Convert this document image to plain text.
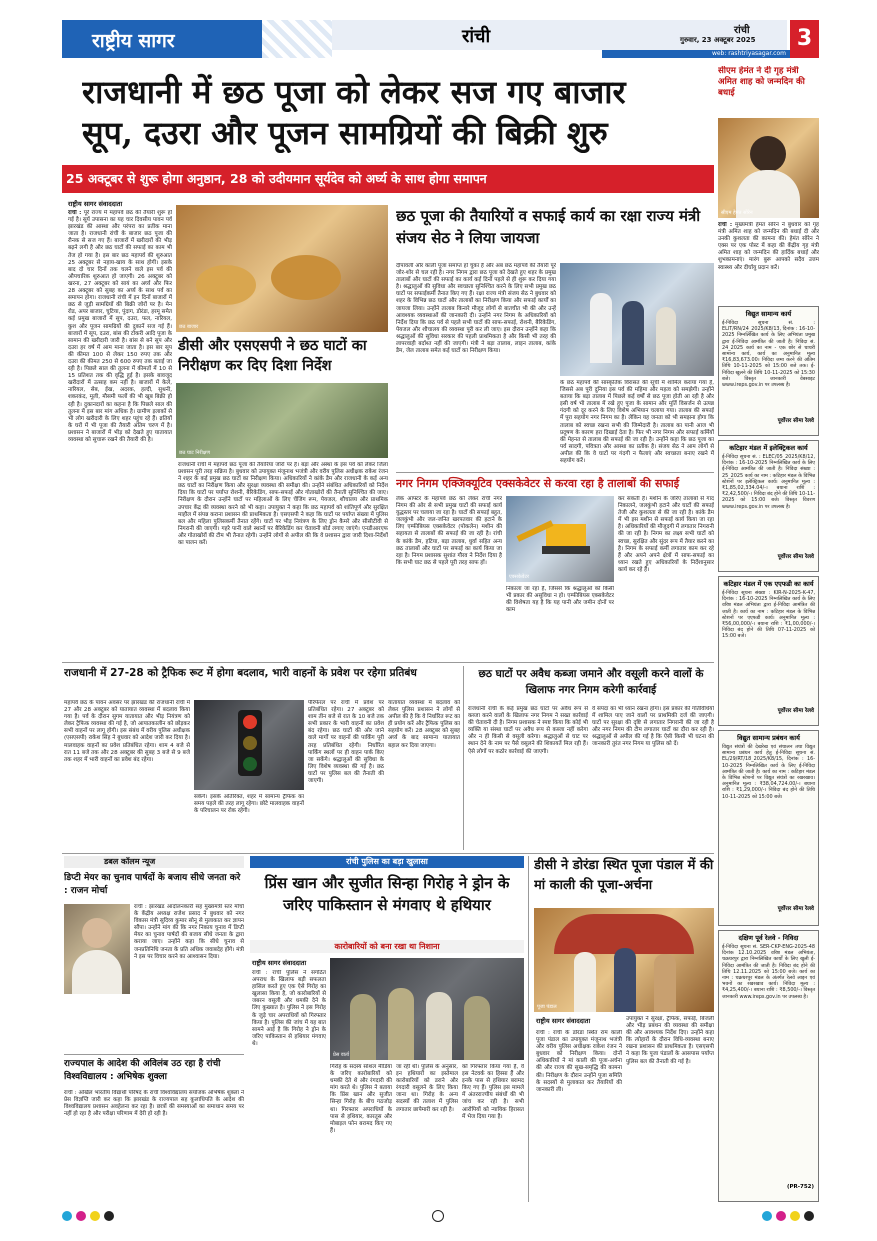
राष्ट्रीय सागर	रांची	रांची
गुरुवार, 23 अक्टूबर 2025
web: rashtriyasagar.com
3
राजधानी में छठ पूजा को लेकर सज गए बाजार
सूप, दउरा और पूजन सामग्रियों की बिक्री शुरु
25 अक्टूबर से शुरू होगा अनुष्ठान, 28 को उदीयमान सूर्यदेव को अर्घ्य के साथ होगा समापन
सीएम हेमंत ने दी गृह मंत्री अमित शाह को जन्मदिन की बधाई
सीएम हेमंत सोरेन
रांची : मुख्यमंत्री हेमंत सोरेन ने बुधवार को गृह मंत्री अमित शाह को जन्मदिन की बधाई दी और उनकी कुशलता की कामना की। हेमंत सोरेन ने एक्स पर एक पोस्ट में कहा की केंद्रीय गृह मंत्री अमित शाह को जन्मदिन की हार्दिक बधाई और शुभकामनाएं। मारंग बुरू आपको सदैव उत्तम स्वास्थ्य और दीर्घायु प्रदान करें।
राष्ट्रीय सागर संवाददाता
रांची : पूरे राज्य में महापर्व छठ की तैयारी शुरू हो गई है। सूर्य उपासना का यह चार दिवसीय पावन पर्व झारखंड की आस्था और परंपरा का प्रतीक माना जाता है। राजधानी रांची के बाजार छठ पूजा की रौनक से सज गए हैं। बाजारों में खरीदारों की भीड़ बढ़ने लगी है और छठ घाटों की सफाई का काम भी तेज हो गया है। इस बार छठ महापर्व की शुरुआत 25 अक्टूबर से नहाय-खाय के साथ होगी। इसके बाद दो चार दिनों तक चलने वाले इस पर्व की औपचारिक शुरुआत हो जाएगी। 26 अक्टूबर को खरना, 27 अक्टूबर को सायं का अर्घ्य और फिर 28 अक्टूबर को सुबह का अर्घ्य के साथ पर्व का समापन होगा। राजधानी रांची में इन दिनों बाजारों में छठ से जुड़ी सामग्रियों की बिक्री जोरों पर है। मेन रोड, अपर बाजार, चुटिया, पुंदाग, डोरंडा, हरमू समेत कई प्रमुख बाजारों में सूप, दउरा, फल, नारियल, कुश और पूजन सामग्रियों की दुकानें सज गई हैं। बाजारों में सूप, दउरा, बांस की टोकरी आदि पूजा के सामान की खरीदारी जारी है। बांस से बने सूप और दउरा हर वर्ष में आम माना जाता है। इस बार सूप की कीमत 100 से लेकर 150 रुपए तक और दउरा की कीमत 250 से 600 रुपए तक बताई जा रही है। पिछले साल की तुलना में कीमतों में 10 से 15 प्रतिशत तक की वृद्धि हुई है। इसके बावजूद खरीदारों में उत्साह कम नहीं है। बाजारों में केले, नारियल, सेब, ईख, अदरक, हल्दी, सुथनी, शकरकंद, मूली, मौसमी फलों की भी खूब बिक्री हो रही है। दुकानदारों का कहना है कि पिछले साल की तुलना में इस बार मांग अधिक है। ग्रामीण इलाकों से भी लोग खरीदारी के लिए शहर पहुंच रहे हैं। व्रतियों के घरों में भी पूजा की तैयारी अंतिम चरण में है। प्रशासन ने बाजारों में भीड़ को देखते हुए यातायात व्यवस्था को सुचारू रखने की तैयारी की है।
छठ बाजार
डीसी और एसएसपी ने छठ घाटों का निरीक्षण कर दिए दिशा निर्देश
छठ घाट निरीक्षण
राजधानी रांची में महापर्व छठ पूजा की तैयारियां जोरों पर हैं। बड़ा और अस्था के इस पर्व को लेकर जिला प्रशासन पूरी तरह सक्रिय है। बुधवार को उपायुक्त मंजूनाथ भजंत्री और वरीय पुलिस अधीक्षक राकेश रंजन ने शहर के कई प्रमुख छठ घाटों का निरीक्षण किया। अधिकारियों ने कांके डैम और राजधानी के कई अन्य छठ घाटों का निरीक्षण किया और सुरक्षा व्यवस्था की समीक्षा की। उन्होंने संबंधित अधिकारियों को निर्देश दिया कि घाटों पर पर्याप्त रोशनी, बैरिकेडिंग, साफ-सफाई और गोताखोरों की तैनाती सुनिश्चित की जाए। निरीक्षण के दौरान उन्होंने घाटों पर महिलाओं के लिए चेंजिंग रूम, पेयजल, शौचालय और प्राथमिक उपचार केंद्र की व्यवस्था करने को भी कहा। उपायुक्त ने कहा कि छठ महापर्व को शांतिपूर्ण और सुरक्षित माहौल में संपन्न कराना प्रशासन की प्राथमिकता है। एसएसपी ने कहा कि घाटों पर पर्याप्त संख्या में पुलिस बल और महिला पुलिसकर्मी तैनात रहेंगे। घाटों पर भीड़ नियंत्रण के लिए ड्रोन कैमरे और सीसीटीवी से निगरानी की जाएगी। गहरे पानी वाले स्थानों पर बैरिकेडिंग कर चेतावनी बोर्ड लगाए जाएंगे। एनडीआरएफ और गोताखोरों की टीम भी तैनात रहेगी। उन्होंने लोगों से अपील की कि वे प्रशासन द्वारा जारी दिशा-निर्देशों का पालन करें।
छठ पूजा की तैयारियों व सफाई कार्य का रक्षा राज्य मंत्री संजय सेठ ने लिया जायजा
दीपावली और काली पूजा समाप्त हो चुका है और अब छठ महापर्व की तैयारी पूरे जोर-शोर से चल रही है। नगर निगम द्वारा छठ पूजा को देखते हुए शहर के प्रमुख तालाबों और घाटों की सफाई का कार्य कई दिनों पहले से ही शुरू कर दिया गया है। श्रद्धालुओं की सुविधा और स्वच्छता सुनिश्चित करने के लिए सभी प्रमुख छठ घाटों पर सफाईकर्मी तैनात किए गए हैं। रक्षा राज्य मंत्री संजय सेठ ने बुधवार को शहर के विभिन्न छठ घाटों और तालाबों का निरीक्षण किया और सफाई कार्यों का जायजा लिया। उन्होंने तालाब किनारे मौजूद लोगों से बातचीत भी की और उन्हें आवश्यक व्यवस्थाओं की जानकारी दी। उन्होंने नगर निगम के अधिकारियों को निर्देश दिया कि छठ पर्व से पहले सभी घाटों की साफ-सफाई, रोशनी, बैरिकेडिंग, पेयजल और शौचालय की व्यवस्था पूरी कर ली जाए। इस दौरान उन्होंने कहा कि श्रद्धालुओं की सुविधा सरकार की पहली प्राथमिकता है और किसी भी तरह की लापरवाही बर्दाश्त नहीं की जाएगी। मंत्री ने बड़ा तालाब, लाइन तालाब, कांके डैम, जेल तालाब समेत कई घाटों का निरीक्षण किया।
के छठ महापर्व की सांस्कृतिक विरासत की सूची में शामिल कराया गया है, जिससे अब पूरी दुनिया इस पर्व की महिमा और महत्व को समझेगी। उन्होंने बताया कि बड़ा तालाब में पिछले कई वर्षों से छठ पूजा होती आ रही है और इसी वर्ष भी तालाब में रखे हुए पूजा के सामान और मूर्ति विसर्जन से उत्पन्न गंदगी को दूर करने के लिए विशेष अभियान चलाया गया। तालाब की सफाई में पूरा सहयोग नगर निगम का है। लेकिन यह जनता को भी समझना होगा कि तालाब को स्वच्छ रखना सभी की जिम्मेदारी है। तालाब का पानी आज भी प्रदूषण के कारण हरा दिखाई देता है। फिर भी नगर निगम और सफाई कर्मियों की मेहनत से तालाब की सफाई की जा रही है। उन्होंने कहा कि छठ पूजा का पर्व सादगी, पवित्रता और आस्था का प्रतीक है। संजय सेठ ने आम लोगों से अपील की कि वे घाटों पर गंदगी न फैलाएं और स्वच्छता बनाए रखने में सहयोग करें।
नगर निगम एक्जिक्यूटिव एक्सकेवेटर से करवा रहा है तालाबों की सफाई
लेक आफ्टर के महापर्व छठ को लेकर रांची नगर निगम की ओर से सभी प्रमुख घाटों की सफाई कार्य युद्धस्तर पर चलाया जा रहा है। घाटों की सफाई बहुत, जलकुंभी और जल-जनित खरपतवार की हटाने के लिए एम्फीबियस एक्सकेवेटर (पोकलेन) मशीन की सहायता से तालाबों की सफाई की जा रही है। रांची के कांके डैम, हटिया, बड़ा तालाब, धुर्वा सहित अन्य छठ तालाबों और घाटों पर सफाई का कार्य किया जा रहा है। निगम प्रशासक सुशांत गौरव ने निर्देश दिया है कि सभी घाट छठ से पहले पूरी तरह साफ हों।
एक्सकेवेटर
निकाला जा रहा है, जिससे कि श्रद्धालुओं को किसी भी प्रकार की असुविधा न हो। एम्फीबियस एक्सकेवेटर की विशेषता यह है कि यह पानी और जमीन दोनों पर काम
कर सकती है। मशीन के जरिए तालाबों से गाद निकालने, जलकुंभी हटाने और घाटों की सफाई तेजी और कुशलता से की जा रही है। कांके डैम में भी इस मशीन से सफाई कार्य किया जा रहा है। अधिकारियों की मौजूदगी में लगातार निगरानी की जा रही है। निगम का लक्ष्य सभी घाटों को स्वच्छ, सुरक्षित और सुंदर रूप में तैयार करने का है। निगम के सफाई कर्मी लगातार काम कर रहे हैं और अपने अपने क्षेत्रों में साफ-सफाई का ध्यान रखते हुए अधिकारियों के निर्देशानुसार कार्य कर रहे हैं।
विद्युत सामान्य कार्य
ई-निविदा सूचना सं. : ELIT/RN/24_2025/K8/13, दिनांक : 16-10-2025 निम्नलिखित कार्य के लिए अभियंता प्रमुख द्वारा ई-निविदा आमंत्रित की जाती है। निविदा सं. 24_2025 कार्य का नाम - एक छोर से चाचरी सामान्य कार्य, कार्य का अनुमानित मूल्य ₹16,83,673.00। निविदा जमा करने की अंतिम तिथि 10-11-2025 को 15:00 बजे तक। ई-निविदा खुलने की तिथि 10-11-2025 को 15:30 बजे। विस्तृत जानकारी वेबसाइट www.ireps.gov.in पर उपलब्ध है।
पूर्वोत्तर सीमा रेलवे
कटिहार मंडल में इलेक्ट्रिकल कार्य
ई-निविदा सूचना सं. : ELEC/05_2025/K8/12, दिनांक : 16-10-2025 निम्नलिखित कार्य के लिए ई-निविदा आमंत्रित की जाती है। निविदा संख्या : 25_2025 कार्य का नाम : कटिहार मंडल के विभिन्न स्टेशनों पर इलेक्ट्रिकल कार्य। अनुमानित मूल्य : ₹1,85,02,334.04/-। बयाना राशि : ₹2,42,500/-। निविदा बंद होने की तिथि 10-11-2025 को 15:00 बजे। विस्तृत विवरण www.ireps.gov.in पर उपलब्ध है।
पूर्वोत्तर सीमा रेलवे
कटिहार मंडल में एक एएफडी का कार्य
ई-निविदा सूचना संख्या : KIR-N-2025-K-47, दिनांक : 16-10-2025 निम्नलिखित कार्य के लिए वरिष्ठ मंडल अभियंता द्वारा ई-निविदा आमंत्रित की जाती है। कार्य का नाम : कटिहार मंडल के विभिन्न स्टेशनों पर एएफडी कार्य। अनुमानित मूल्य : ₹56,00,000/-। बयाना राशि : ₹1,00,000/-। निविदा बंद होने की तिथि 07-11-2025 को 15:00 बजे।
पूर्वोत्तर सीमा रेलवे
विद्युत सामान्य प्रबंधन कार्य
विद्युत संयंत्रों की देखरेख एवं संचालन तथा विद्युत सामान्य प्रबंधन कार्य हेतु ई-निविदा सूचना सं. EL/29/RT/18_2025/K8/15, दिनांक : 16-10-2025 निम्नलिखित कार्य के लिए ई-निविदा आमंत्रित की जाती है। कार्य का नाम : कटिहार मंडल के विभिन्न स्टेशनों पर विद्युत संयंत्रों का रखरखाव। अनुमानित मूल्य : ₹38,04,724.00/-। बयाना राशि : ₹1,29,000/-। निविदा बंद होने की तिथि 10-11-2025 को 15:00 बजे।
पूर्वोत्तर सीमा रेलवे
दक्षिण पूर्व रेलवे - निविदा
ई-निविदा सूचना सं. SER-CKP-ENG-2025-48 दिनांक 12.10.2025 वरिष्ठ मंडल अभियंता, चक्रधरपुर द्वारा निम्नलिखित कार्यों के लिए खुली ई-निविदा आमंत्रित की जाती है। निविदा बंद होने की तिथि 12.11.2025 को 15:00 बजे। कार्य का नाम : चक्रधरपुर मंडल के अंतर्गत रेलवे लाइन एवं भवनों का रखरखाव कार्य। निविदा मूल्य : ₹4,25,400/-। बयाना राशि : ₹8,500/-। विस्तृत जानकारी www.ireps.gov.in पर उपलब्ध है।
(PR-752)
राजधानी में 27-28 को ट्रैफिक रूट में होगा बदलाव, भारी वाहनों के प्रवेश पर रहेगा प्रतिबंध
महापर्व छठ के पावन अवसर पर झारखंड की राजधानी रांची में 27 और 28 अक्टूबर को यातायात व्यवस्था में बदलाव किया गया है। पर्व के दौरान सुगम यातायात और भीड़ नियंत्रण को लेकर ट्रैफिक व्यवस्था की गई है, जो आपातकालीन को छोड़कर सभी वाहनों पर लागू होगी। इस संबंध में वरीय पुलिस अधीक्षक (एसएसपी) राकेश सिंह ने बुधवार को आदेश जारी कर दिया है। मालवाहक वाहनों का प्रवेश प्रतिबंधित रहेगा। शाम 4 बजे से रात 11 बजे तक और 28 अक्टूबर की सुबह 3 बजे से 9 बजे तक शहर में भारी वाहनों का प्रवेश बंद रहेगा।
सकेंगे। इसके अतिरिक्त, शहर में सामान्य ट्रैफिक का समय पहले की तरह लागू रहेगा। छोटे मालवाहक वाहनों के परिचालन पर रोक रहेगी।
पेरिफेरल पर रांची में प्रवेश पर प्रतिबंधित रहेगा। 27 अक्टूबर को शाम तीन बजे से रात के 10 बजे तक सभी प्रकार के भारी वाहनों का प्रवेश बंद रहेगा। छठ घाटों की ओर जाने वाले मार्गों पर वाहनों की पार्किंग पूरी तरह प्रतिबंधित रहेगी। निर्धारित पार्किंग स्थलों पर ही वाहन पार्क किए जा सकेंगे। श्रद्धालुओं की सुविधा के लिए विशेष व्यवस्था की गई है। छठ घाटों पर पुलिस बल की तैनाती की जाएगी।
यातायात व्यवस्था में बदलाव को लेकर पुलिस प्रशासन ने लोगों से अपील की है कि वे निर्धारित रूट का ही प्रयोग करें और ट्रैफिक पुलिस का सहयोग करें। 28 अक्टूबर को सुबह अर्घ्य के बाद सामान्य यातायात बहाल कर दिया जाएगा।
छठ घाटों पर अवैध कब्जा जमाने और वसूली करने वालों के खिलाफ नगर निगम करेगी कार्रवाई
राजधानी रांची के कई प्रमुख छठ घाटों पर अवैध रूप से कब्जा करने वालों के खिलाफ नगर निगम ने सख्त कार्रवाई की चेतावनी दी है। निगम प्रशासक ने स्पष्ट किया कि कोई भी व्यक्ति या संस्था घाटों पर अवैध रूप से कब्जा नहीं करेगा और न ही किसी से वसूली करेगा। श्रद्धालुओं से घाट पर स्थान देने के नाम पर पैसे वसूलने की शिकायतें मिल रही हैं। ऐसे लोगों पर कठोर कार्रवाई की जाएगी।
वे संपदा का भी ध्यान रखना होगा। इस प्रकार की गतिविधियों में शामिल पाए जाने वालों पर प्राथमिकी दर्ज की जाएगी। घाटों पर सुरक्षा की दृष्टि से लगातार निगरानी की जा रही है और नगर निगम की टीम लगातार घाटों का दौरा कर रही है। श्रद्धालुओं से अपील की गई है कि ऐसी किसी भी घटना की जानकारी तुरंत नगर निगम या पुलिस को दें।
डबल कॉलम न्यूज
डिप्टी मेयर का चुनाव पार्षदों के बजाय सीधे जनता करे : राजन मोर्चा
रांची : झारखंड आंदोलनकारी सह मुख्यमंत्री स्तर मोर्चा के केंद्रीय अध्यक्ष राजेश प्रसाद ने बुधवार को नगर विकास मंत्री सुदिव्य कुमार सोनू से मुलाकात कर ज्ञापन सौंपा। उन्होंने मांग की कि नगर निकाय चुनाव में डिप्टी मेयर का चुनाव पार्षदों की बजाय सीधे जनता के द्वारा कराया जाए। उन्होंने कहा कि सीधे चुनाव से जनप्रतिनिधि जनता के प्रति अधिक जवाबदेह होंगे। मंत्री ने इस पर विचार करने का आश्वासन दिया।
राज्यपाल के आदेश की अविलंब उठ रहा है रांची विश्वविद्यालय : अभिषेक शुक्ला
रांची : अखिल भारतीय विद्यार्थी परिषद के रांची विश्वविद्यालय संयोजक अभिषेक शुक्ला ने प्रेस विज्ञप्ति जारी कर कहा कि झारखंड के राज्यपाल सह कुलाधिपति के आदेश की विश्वविद्यालय प्रशासन अवहेलना कर रहा है। छात्रों की समस्याओं का समाधान समय पर नहीं हो रहा है और परीक्षा परिणाम में देरी हो रही है।
रांची पुलिस का बड़ा खुलासा
प्रिंस खान और सुजीत सिन्हा गिरोह ने ड्रोन के जरिए पाकिस्तान से मंगवाए थे हथियार
कारोबारियों को बना रखा था निशाना
राष्ट्रीय सागर संवाददाता
प्रेस वार्ता
रांची : रांची पुलिस ने संगठित अपराध के खिलाफ बड़ी सफलता हासिल करते हुए एक ऐसे गिरोह का खुलासा किया है, जो कारोबारियों से जबरन वसूली और धमकी देने के लिए कुख्यात है। पुलिस ने इस गिरोह के जुड़े चार अपराधियों को गिरफ्तार किया है। पुलिस की जांच में यह बात सामने आई है कि गिरोह ने ड्रोन के जरिए पाकिस्तान से हथियार मंगवाए थे।
गिरोह के सदस्य सोशल मीडिया के जरिए कारोबारियों को धमकी देते थे और रंगदारी की मांग करते थे। पुलिस ने बताया कि प्रिंस खान और सुजीत सिन्हा गिरोह के बीच गठजोड़ था। गिरफ्तार अपराधियों के पास से हथियार, कारतूस और मोबाइल फोन बरामद किए गए हैं।
जा रही थी। पुलिस के अनुसार, इन हथियारों का इस्तेमाल कारोबारियों को डराने और रंगदारी वसूलने के लिए किया जाना था। गिरोह के अन्य सदस्यों की तलाश में पुलिस लगातार छापेमारी कर रही है।
को गिरफ्तार किया गया है, वे इस नेटवर्क का हिस्सा हैं और इनके पास से हथियार बरामद किए गए हैं। पुलिस इस मामले में अंतरराज्यीय संबंधों की भी जांच कर रही है। सभी आरोपियों को न्यायिक हिरासत में भेज दिया गया है।
डीसी ने डोरंडा स्थित पूजा पंडाल में की मां काली की पूजा-अर्चना
पूजा पंडाल
राष्ट्रीय सागर संवाददाता
रांची : रांची के डोरंडा स्थित राम काली पूजा पंडाल का उपायुक्त मंजूनाथ भजंत्री और वरीय पुलिस अधीक्षक राकेश रंजन ने बुधवार को निरीक्षण किया। दोनों अधिकारियों ने मां काली की पूजा-अर्चना की और राज्य की सुख-समृद्धि की कामना की। निरीक्षण के दौरान उन्होंने पूजा समिति के सदस्यों से मुलाकात कर तैयारियों की जानकारी ली।
उपायुक्त ने सुरक्षा, ट्रैफिक, सफाई, बिजली और भीड़ प्रबंधन की व्यवस्था की समीक्षा की और आवश्यक निर्देश दिए। उन्होंने कहा कि त्योहारों के दौरान विधि-व्यवस्था बनाए रखना प्रशासन की प्राथमिकता है। एसएसपी ने कहा कि पूजा पंडालों के आसपास पर्याप्त पुलिस बल की तैनाती की गई है।
